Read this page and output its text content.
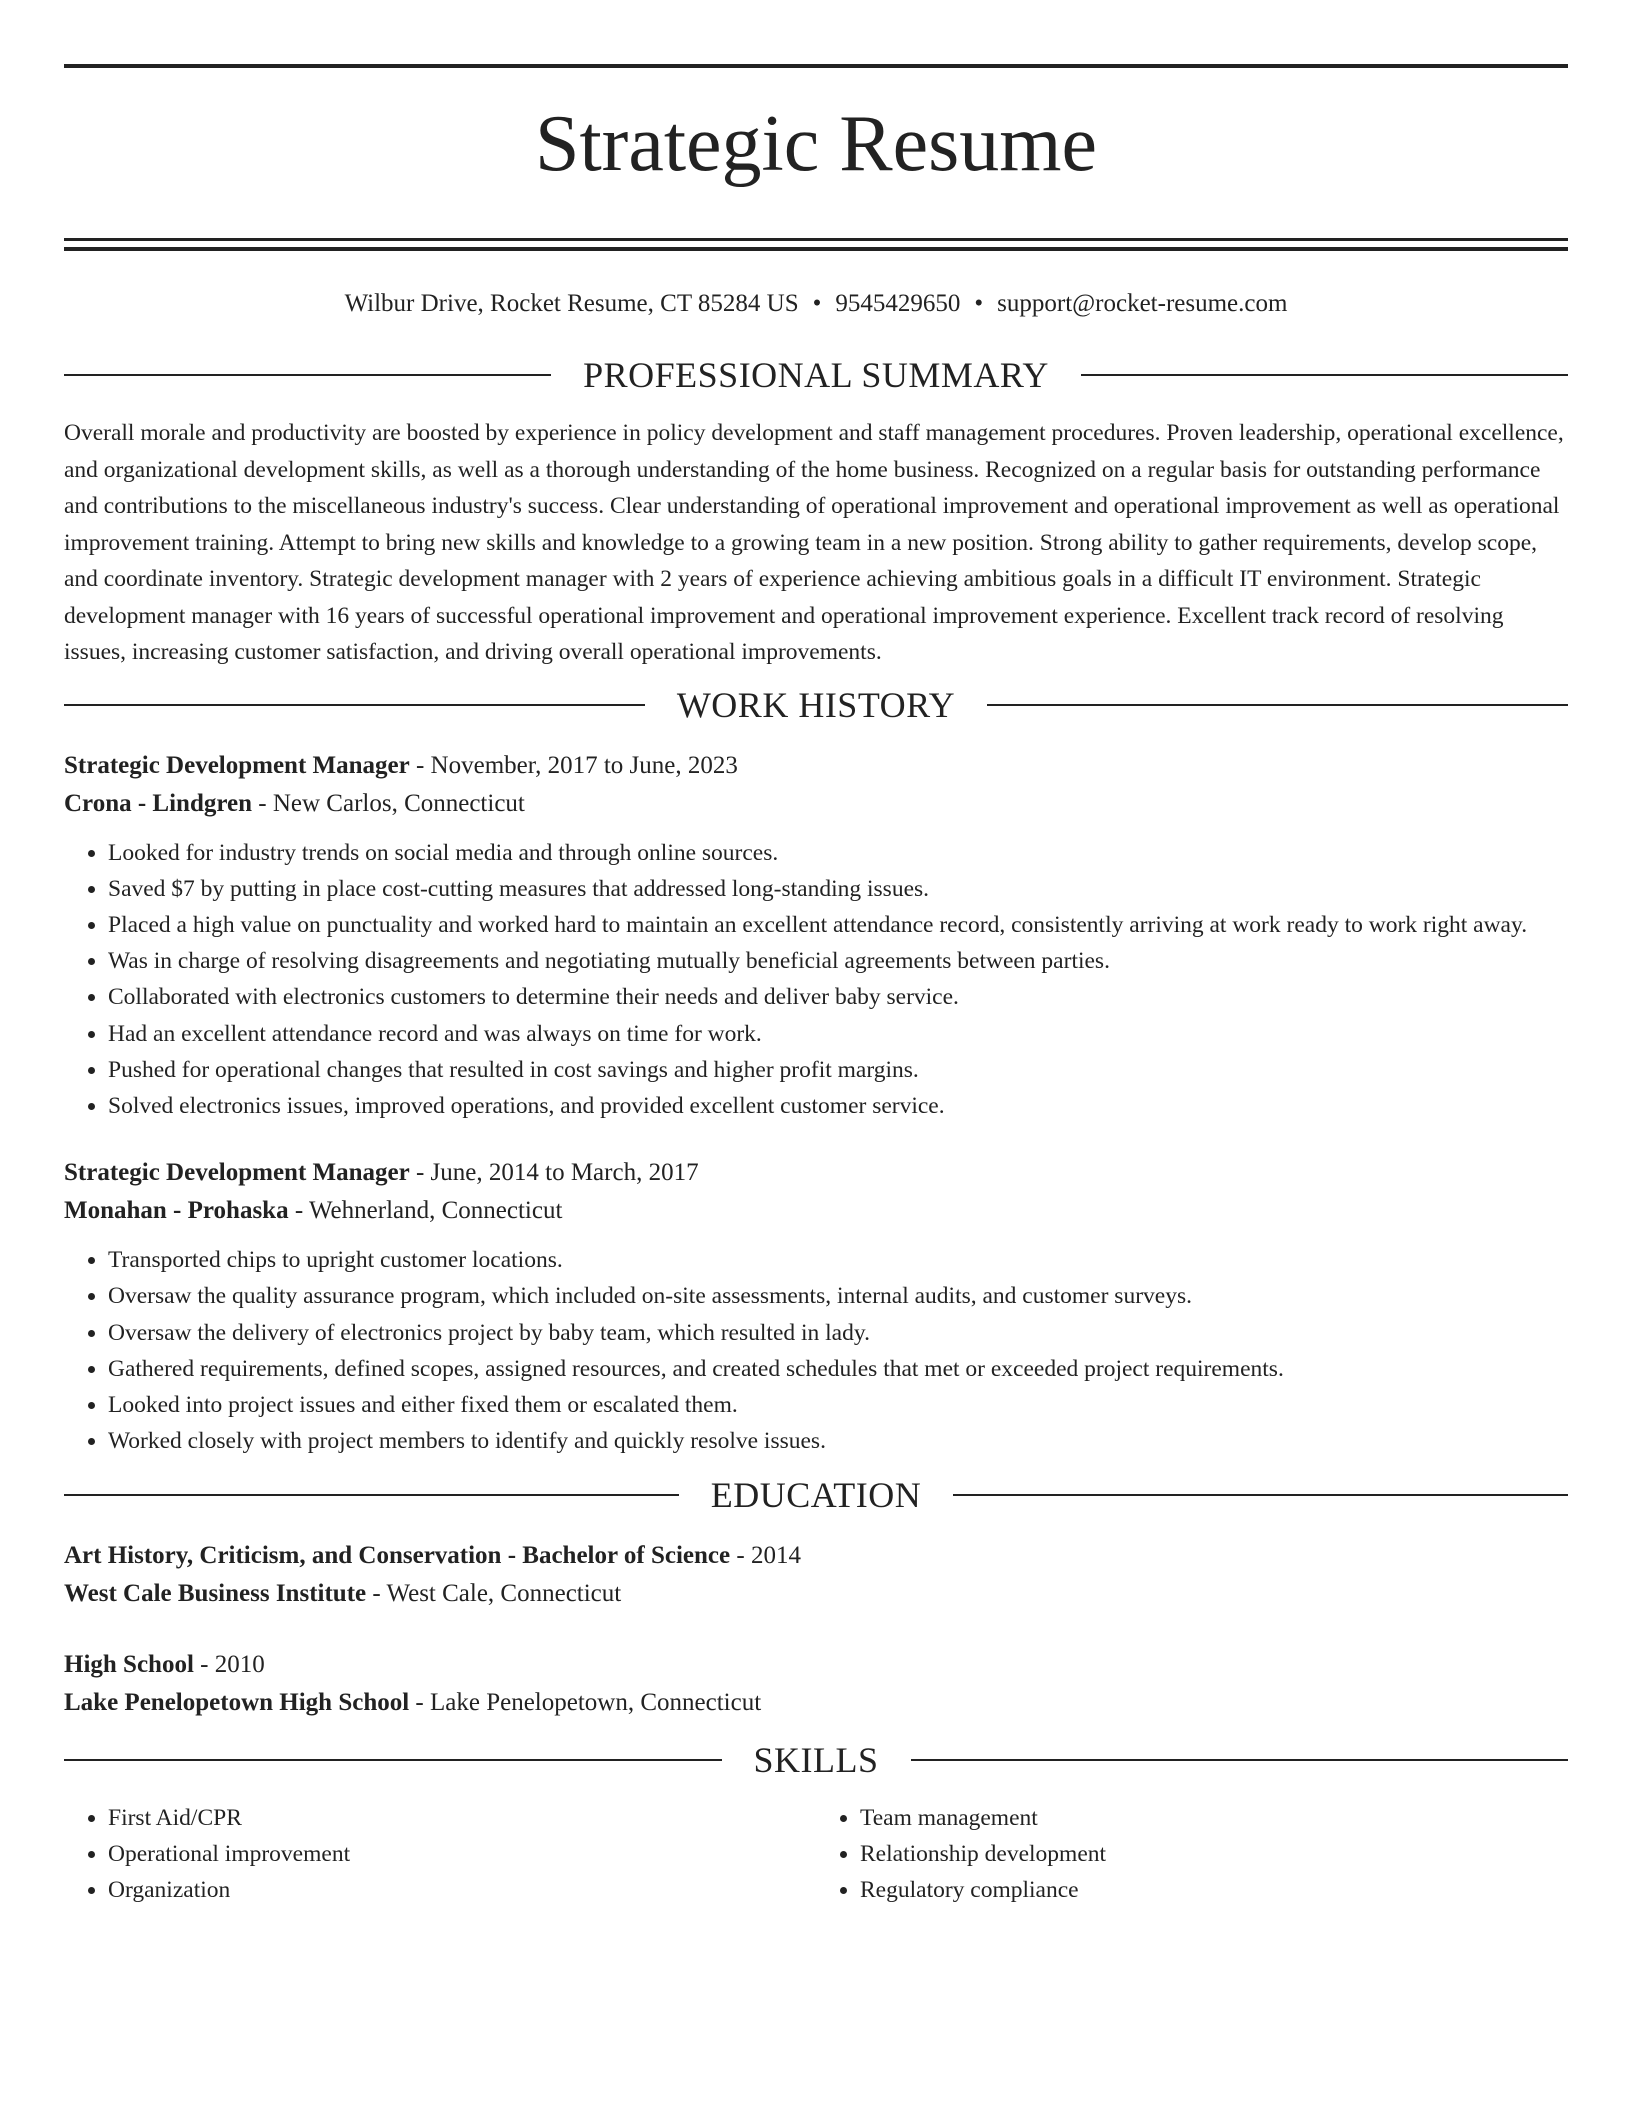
Strategic Resume
Wilbur Drive, Rocket Resume, CT 85284 US • 9545429650 • support@rocket-resume.com
PROFESSIONAL SUMMARY

Overall morale and productivity are boosted by experience in policy development and staff management procedures. Proven leadership, operational excellence, and organizational development skills, as well as a thorough understanding of the home business. Recognized on a regular basis for outstanding performance and contributions to the miscellaneous industry's success. Clear understanding of operational improvement and operational improvement as well as operational improvement training. Attempt to bring new skills and knowledge to a growing team in a new position. Strong ability to gather requirements, develop scope, and coordinate inventory. Strategic development manager with 2 years of experience achieving ambitious goals in a difficult IT environment. Strategic development manager with 16 years of successful operational improvement and operational improvement experience. Excellent track record of resolving issues, increasing customer satisfaction, and driving overall operational improvements.

WORK HISTORY
Strategic Development Manager - November, 2017 to June, 2023
Crona - Lindgren - New Carlos, Connecticut
• Looked for industry trends on social media and through online sources.
• Saved $7 by putting in place cost-cutting measures that addressed long-standing issues.
• Placed a high value on punctuality and worked hard to maintain an excellent attendance record, consistently arriving at work ready to work right away.
• Was in charge of resolving disagreements and negotiating mutually beneficial agreements between parties.
• Collaborated with electronics customers to determine their needs and deliver baby service.
• Had an excellent attendance record and was always on time for work.
• Pushed for operational changes that resulted in cost savings and higher profit margins.
• Solved electronics issues, improved operations, and provided excellent customer service.
Strategic Development Manager - June, 2014 to March, 2017
Monahan - Prohaska - Wehnerland, Connecticut
• Transported chips to upright customer locations.
• Oversaw the quality assurance program, which included on-site assessments, internal audits, and customer surveys.
• Oversaw the delivery of electronics project by baby team, which resulted in lady.
• Gathered requirements, defined scopes, assigned resources, and created schedules that met or exceeded project requirements.
• Looked into project issues and either fixed them or escalated them.
• Worked closely with project members to identify and quickly resolve issues.
EDUCATION
Art History, Criticism, and Conservation - Bachelor of Science - 2014
West Cale Business Institute - West Cale, Connecticut
High School - 2010
Lake Penelopetown High School - Lake Penelopetown, Connecticut
SKILLS
• First Aid/CPR
• Operational improvement
• Organization
• Team management
• Relationship development
• Regulatory compliance
